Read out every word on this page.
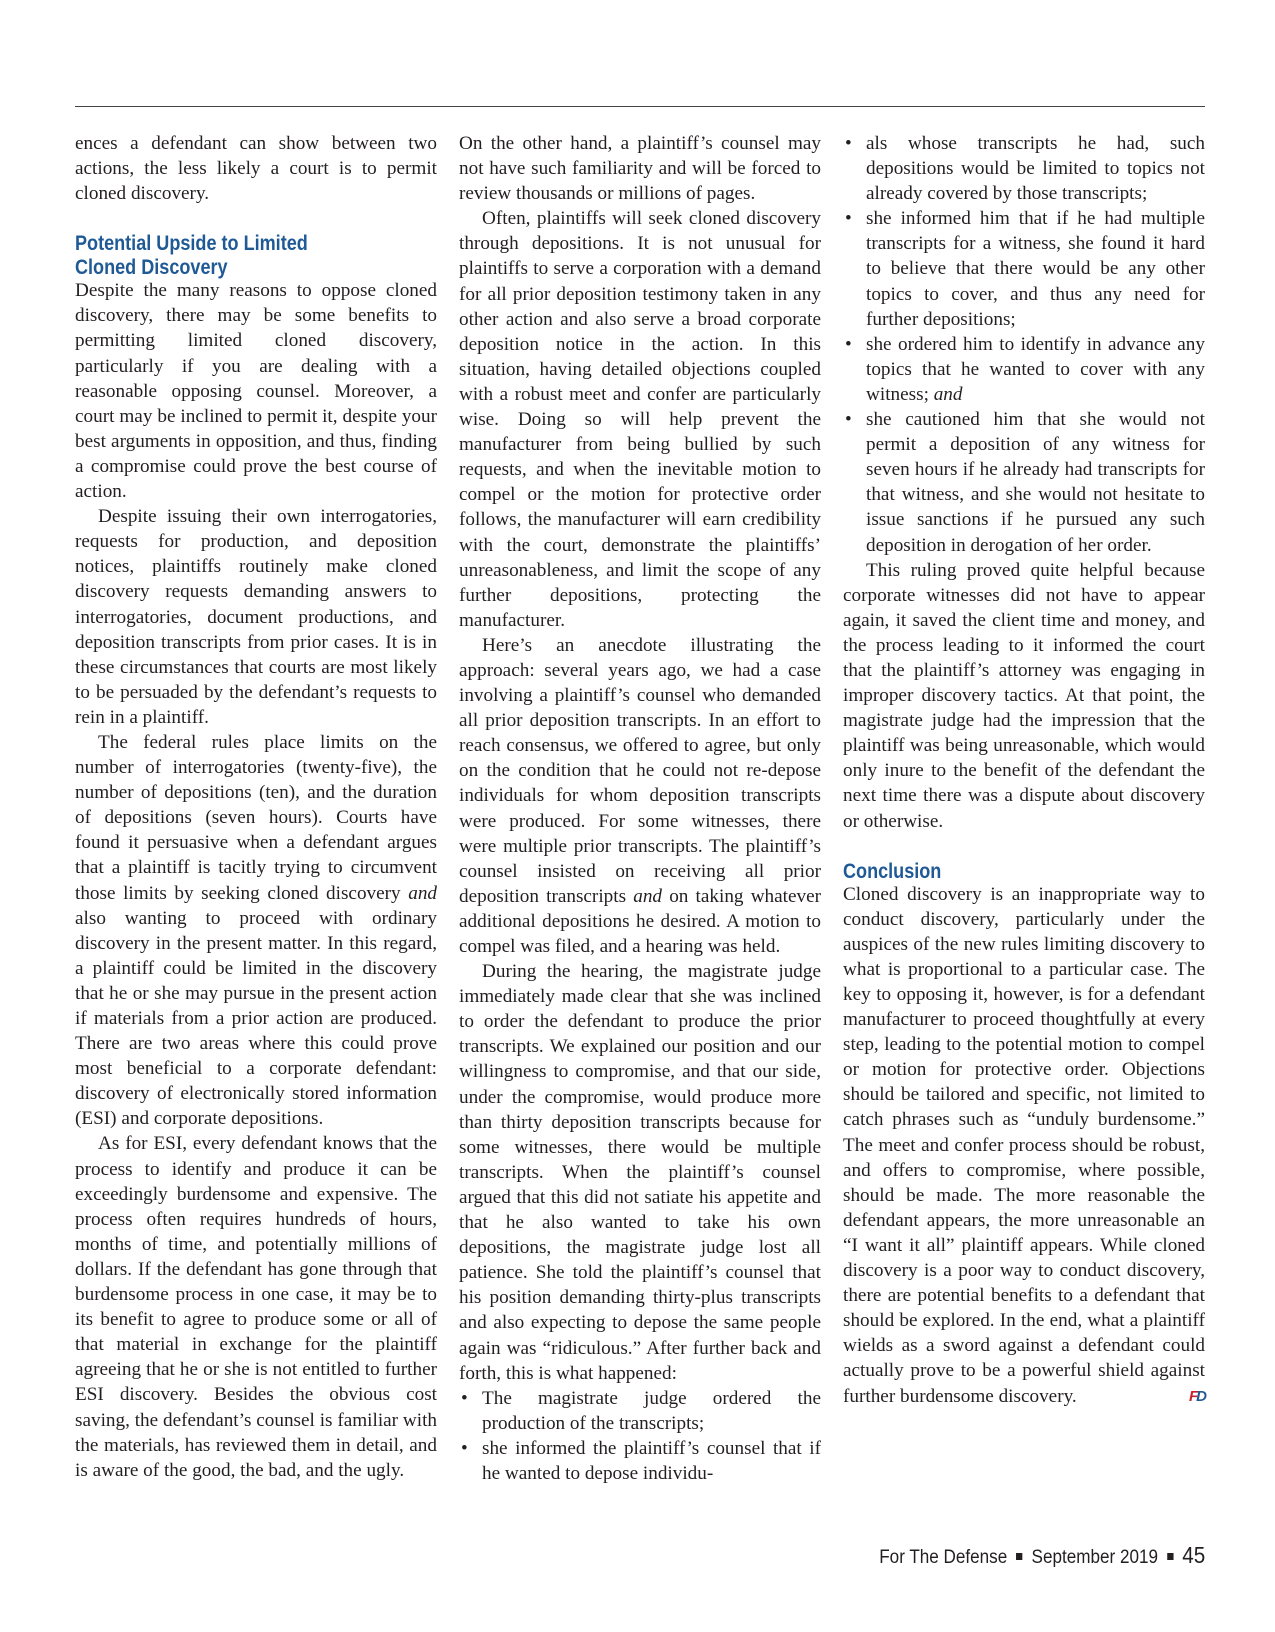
ences a defendant can show between two actions, the less likely a court is to permit cloned discovery.

Potential Upside to Limited
Cloned Discovery

Despite the many reasons to oppose cloned discovery, there may be some benefits to permitting limited cloned discovery, particularly if you are dealing with a reasonable opposing counsel. Moreover, a court may be inclined to permit it, despite your best arguments in opposition, and thus, finding a compromise could prove the best course of action.

Despite issuing their own interrogatories, requests for production, and deposition notices, plaintiffs routinely make cloned discovery requests demanding answers to interrogatories, document productions, and deposition transcripts from prior cases. It is in these circumstances that courts are most likely to be persuaded by the defendant’s requests to rein in a plaintiff.

The federal rules place limits on the number of interrogatories (twenty-five), the number of depositions (ten), and the duration of depositions (seven hours). Courts have found it persuasive when a defendant argues that a plaintiff is tacitly trying to circumvent those limits by seeking cloned discovery and also wanting to proceed with ordinary discovery in the present matter. In this regard, a plaintiff could be limited in the discovery that he or she may pursue in the present action if materials from a prior action are produced. There are two areas where this could prove most beneficial to a corporate defendant: discovery of electronically stored information (ESI) and corporate depositions.

As for ESI, every defendant knows that the process to identify and produce it can be exceedingly burdensome and expensive. The process often requires hundreds of hours, months of time, and potentially millions of dollars. If the defendant has gone through that burdensome process in one case, it may be to its benefit to agree to produce some or all of that material in exchange for the plaintiff agreeing that he or she is not entitled to further ESI discovery. Besides the obvious cost saving, the defendant’s counsel is familiar with the materials, has reviewed them in detail, and is aware of the good, the bad, and the ugly.

On the other hand, a plaintiff’s counsel may not have such familiarity and will be forced to review thousands or millions of pages.

Often, plaintiffs will seek cloned discovery through depositions. It is not unusual for plaintiffs to serve a corporation with a demand for all prior deposition testimony taken in any other action and also serve a broad corporate deposition notice in the action. In this situation, having detailed objections coupled with a robust meet and confer are particularly wise. Doing so will help prevent the manufacturer from being bullied by such requests, and when the inevitable motion to compel or the motion for protective order follows, the manufacturer will earn credibility with the court, demonstrate the plaintiffs’ unreasonableness, and limit the scope of any further depositions, protecting the manufacturer.

Here’s an anecdote illustrating the approach: several years ago, we had a case involving a plaintiff’s counsel who demanded all prior deposition transcripts. In an effort to reach consensus, we offered to agree, but only on the condition that he could not re-depose individuals for whom deposition transcripts were produced. For some witnesses, there were multiple prior transcripts. The plaintiff’s counsel insisted on receiving all prior deposition transcripts and on taking whatever additional depositions he desired. A motion to compel was filed, and a hearing was held.

During the hearing, the magistrate judge immediately made clear that she was inclined to order the defendant to produce the prior transcripts. We explained our position and our willingness to compromise, and that our side, under the compromise, would produce more than thirty deposition transcripts because for some witnesses, there would be multiple transcripts. When the plaintiff’s counsel argued that this did not satiate his appetite and that he also wanted to take his own depositions, the magistrate judge lost all patience. She told the plaintiff’s counsel that his position demanding thirty-plus transcripts and also expecting to depose the same people again was “ridiculous.” After further back and forth, this is what happened:

• The magistrate judge ordered the production of the transcripts;
• she informed the plaintiff’s counsel that if he wanted to depose individu-
• als whose transcripts he had, such depositions would be limited to topics not already covered by those transcripts;
• she informed him that if he had multiple transcripts for a witness, she found it hard to believe that there would be any other topics to cover, and thus any need for further depositions;
• she ordered him to identify in advance any topics that he wanted to cover with any witness; and
• she cautioned him that she would not permit a deposition of any witness for seven hours if he already had transcripts for that witness, and she would not hesitate to issue sanctions if he pursued any such deposition in derogation of her order.

This ruling proved quite helpful because corporate witnesses did not have to appear again, it saved the client time and money, and the process leading to it informed the court that the plaintiff’s attorney was engaging in improper discovery tactics. At that point, the magistrate judge had the impression that the plaintiff was being unreasonable, which would only inure to the benefit of the defendant the next time there was a dispute about discovery or otherwise.

Conclusion

Cloned discovery is an inappropriate way to conduct discovery, particularly under the auspices of the new rules limiting discovery to what is proportional to a particular case. The key to opposing it, however, is for a defendant manufacturer to proceed thoughtfully at every step, leading to the potential motion to compel or motion for protective order. Objections should be tailored and specific, not limited to catch phrases such as “unduly burdensome.” The meet and confer process should be robust, and offers to compromise, where possible, should be made. The more reasonable the defendant appears, the more unreasonable an “I want it all” plaintiff appears. While cloned discovery is a poor way to conduct discovery, there are potential benefits to a defendant that should be explored. In the end, what a plaintiff wields as a sword against a defendant could actually prove to be a powerful shield against further burdensome discovery.	FD

For The Defense September 2019 45
